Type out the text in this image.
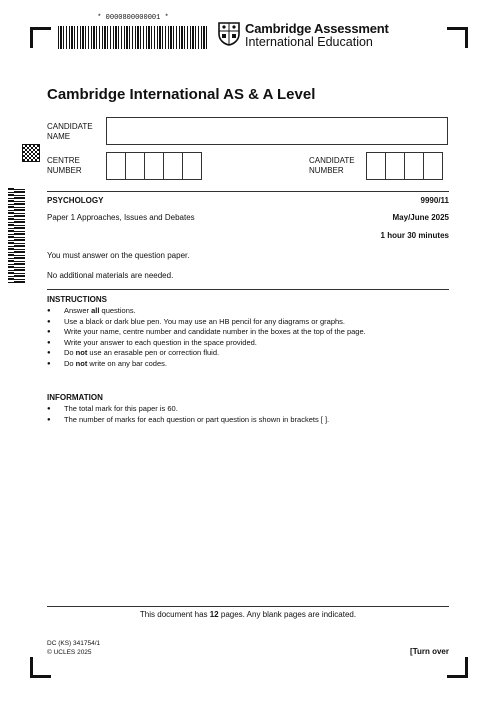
* 0000800000001 *
Cambridge Assessment
International Education
Cambridge International AS & A Level
CANDIDATE
NAME
CENTRE
NUMBER
CANDIDATE
NUMBER
PSYCHOLOGY	9990/11
Paper 1 Approaches, Issues and Debates	May/June 2025
1 hour 30 minutes
You must answer on the question paper.
No additional materials are needed.
INSTRUCTIONS
● Answer all questions.
● Use a black or dark blue pen. You may use an HB pencil for any diagrams or graphs.
● Write your name, centre number and candidate number in the boxes at the top of the page.
● Write your answer to each question in the space provided.
● Do not use an erasable pen or correction fluid.
● Do not write on any bar codes.
INFORMATION
● The total mark for this paper is 60.
● The number of marks for each question or part question is shown in brackets [ ].
This document has 12 pages. Any blank pages are indicated.
DC (KS) 341754/1
© UCLES 2025	[Turn over
